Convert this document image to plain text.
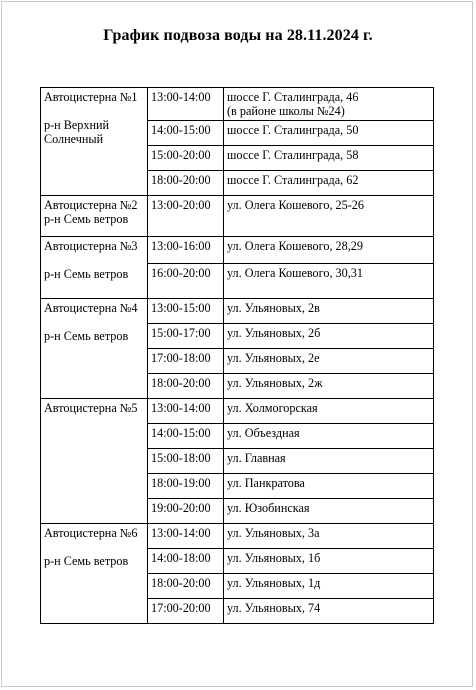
График подвоза воды на 28.11.2024 г.
Автоцистерна №1
р-н Верхний Солнечный	13:00-14:00	шоссе Г. Сталинграда, 46
(в районе школы №24)

	14:00-15:00	шоссе Г. Сталинграда, 50
	15:00-20:00	шоссе Г. Сталинграда, 58
	18:00-20:00	шоссе Г. Сталинграда, 62

Автоцистерна №2
р-н Семь ветров	13:00-20:00	ул. Олега Кошевого, 25-26

Автоцистерна №3
р-н Семь ветров	13:00-16:00	ул. Олега Кошевого, 28,29
	16:00-20:00	ул. Олега Кошевого, 30,31

Автоцистерна №4
р-н Семь ветров	13:00-15:00	ул. Ульяновых, 2в
	15:00-17:00	ул. Ульяновых, 2б
	17:00-18:00	ул. Ульяновых, 2е
	18:00-20:00	ул. Ульяновых, 2ж

Автоцистерна №5	13:00-14:00	ул. Холмогорская
	14:00-15:00	ул. Объездная
	15:00-18:00	ул. Главная
	18:00-19:00	ул. Панкратова
	19:00-20:00	ул. Юзобинская

Автоцистерна №6
р-н Семь ветров	13:00-14:00	ул. Ульяновых, 3а
	14:00-18:00	ул. Ульяновых, 1б
	18:00-20:00	ул. Ульяновых, 1д
	17:00-20:00	ул. Ульяновых, 74
